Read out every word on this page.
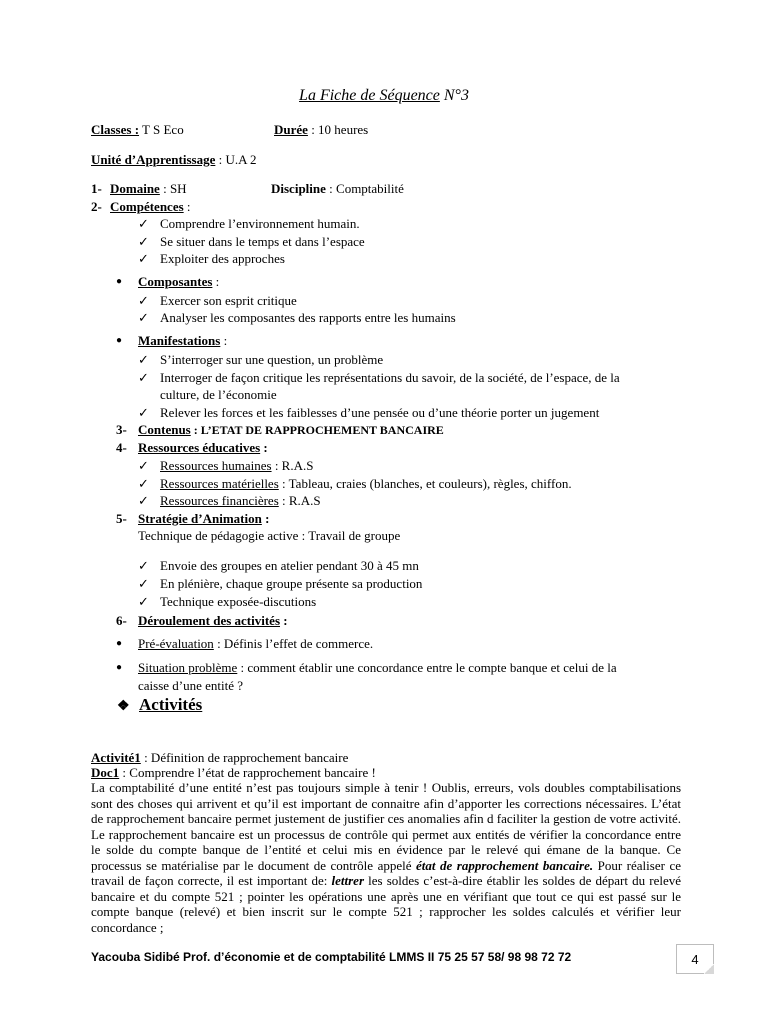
La Fiche de Séquence N°3
Classes : T S Eco	Durée : 10 heures
Unité d’Apprentissage : U.A 2
1- Domaine : SH	Discipline : Comptabilité
2- Compétences :
✓ Comprendre l’environnement humain.
✓ Se situer dans le temps et dans l’espace
✓ Exploiter des approches
● Composantes :
✓ Exercer son esprit critique
✓ Analyser les composantes des rapports entre les humains
● Manifestations :
✓ S’interroger sur une question, un problème
✓ Interroger de façon critique les représentations du savoir, de la société, de l’espace, de la
culture, de l’économie
✓ Relever les forces et les faiblesses d’une pensée ou d’une théorie porter un jugement
3- Contenus : L’ETAT DE RAPPROCHEMENT BANCAIRE
4- Ressources éducatives :
✓ Ressources humaines : R.A.S
✓ Ressources matérielles : Tableau, craies (blanches, et couleurs), règles, chiffon.
✓ Ressources financières : R.A.S
5- Stratégie d’Animation :
Technique de pédagogie active : Travail de groupe
✓ Envoie des groupes en atelier pendant 30 à 45 mn
✓ En plénière, chaque groupe présente sa production
✓ Technique exposée-discutions
6- Déroulement des activités :
● Pré-évaluation : Définis l’effet de commerce.
● Situation problème : comment établir une concordance entre le compte banque et celui de la
caisse d’une entité ?
❖ Activités
Activité1 : Définition de rapprochement bancaire
Doc1 : Comprendre l’état de rapprochement bancaire !
La comptabilité d’une entité n’est pas toujours simple à tenir ! Oublis, erreurs, vols doubles comptabilisations sont des choses qui arrivent et qu’il est important de connaitre afin d’apporter les corrections nécessaires. L’état de rapprochement bancaire permet justement de justifier ces anomalies afin d faciliter la gestion de votre activité. Le rapprochement bancaire est un processus de contrôle qui permet aux entités de vérifier la concordance entre le solde du compte banque de l’entité et celui mis en évidence par le relevé qui émane de la banque. Ce processus se matérialise par le document de contrôle appelé état de rapprochement bancaire. Pour réaliser ce travail de façon correcte, il est important de: lettrer les soldes c’est-à-dire établir les soldes de départ du relevé bancaire et du compte 521 ; pointer les opérations une après une en vérifiant que tout ce qui est passé sur le compte banque (relevé) et bien inscrit sur le compte 521 ; rapprocher les soldes calculés et vérifier leur concordance ;
Yacouba Sidibé Prof. d’économie et de comptabilité LMMS II 75 25 57 58/ 98 98 72 72	4
